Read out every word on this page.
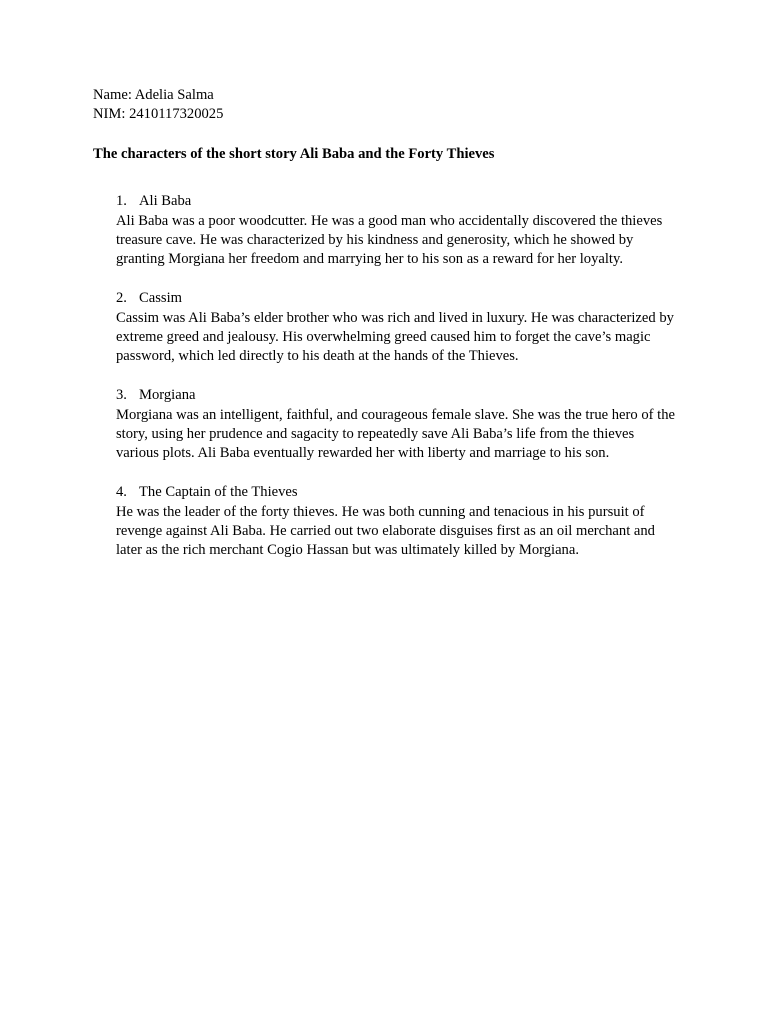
Name: Adelia Salma

NIM: 2410117320025

The characters of the short story Ali Baba and the Forty Thieves

1. Ali Baba

Ali Baba was a poor woodcutter. He was a good man who accidentally discovered the thieves treasure cave. He was characterized by his kindness and generosity, which he showed by granting Morgiana her freedom and marrying her to his son as a reward for her loyalty.

2. Cassim

Cassim was Ali Baba’s elder brother who was rich and lived in luxury. He was characterized by extreme greed and jealousy. His overwhelming greed caused him to forget the cave’s magic password, which led directly to his death at the hands of the Thieves.

3. Morgiana

Morgiana was an intelligent, faithful, and courageous female slave. She was the true hero of the story, using her prudence and sagacity to repeatedly save Ali Baba’s life from the thieves various plots. Ali Baba eventually rewarded her with liberty and marriage to his son.

4. The Captain of the Thieves

He was the leader of the forty thieves. He was both cunning and tenacious in his pursuit of revenge against Ali Baba. He carried out two elaborate disguises first as an oil merchant and later as the rich merchant Cogio Hassan but was ultimately killed by Morgiana.
